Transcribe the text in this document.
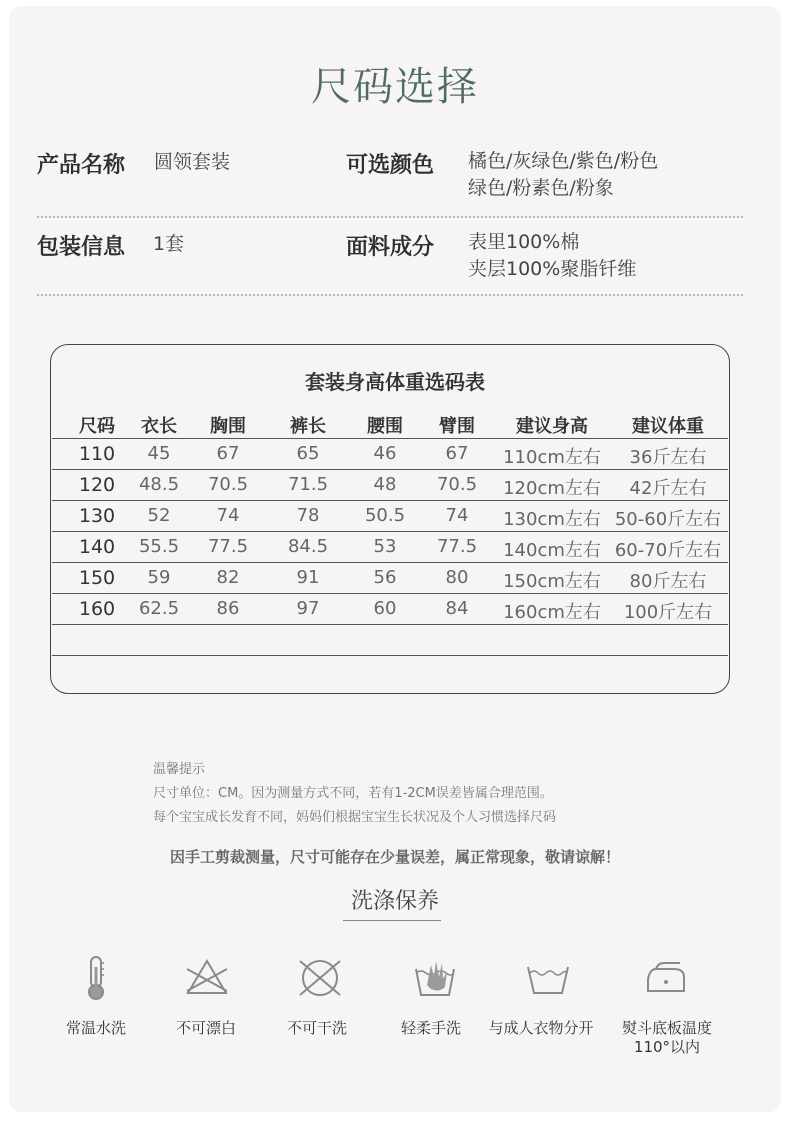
尺码选择
产品名称 圆领套装	可选颜色 橘色/灰绿色/紫色/粉色
绿色/粉素色/粉象
包装信息 1套	面料成分 表里100%棉
夹层100%聚脂钎维
套装身高体重选码表
尺码	衣长	胸围	裤长	腰围	臂围	建议身高	建议体重
110	45	67	65	46	67	110cm左右	36斤左右
120	48.5	70.5	71.5	48	70.5	120cm左右	42斤左右
130	52	74	78	50.5	74	130cm左右 50-60斤左右
140	55.5	77.5	84.5	53	77.5	140cm左右 60-70斤左右
150	59	82	91	56	80	150cm左右	80斤左右
160	62.5	86	97	60	84	160cm左右	100斤左右
温馨提示
尺寸单位：CM。因为测量方式不同，若有1-2CM误差皆属合理范围。
每个宝宝成长发育不同，妈妈们根据宝宝生长状况及个人习惯选择尺码
因手工剪裁测量，尺寸可能存在少量误差，属正常现象，敬请谅解！
洗涤保养
常温水洗	不可漂白	不可干洗	轻柔手洗	与成人衣物分开	熨斗底板温度
110°以内
